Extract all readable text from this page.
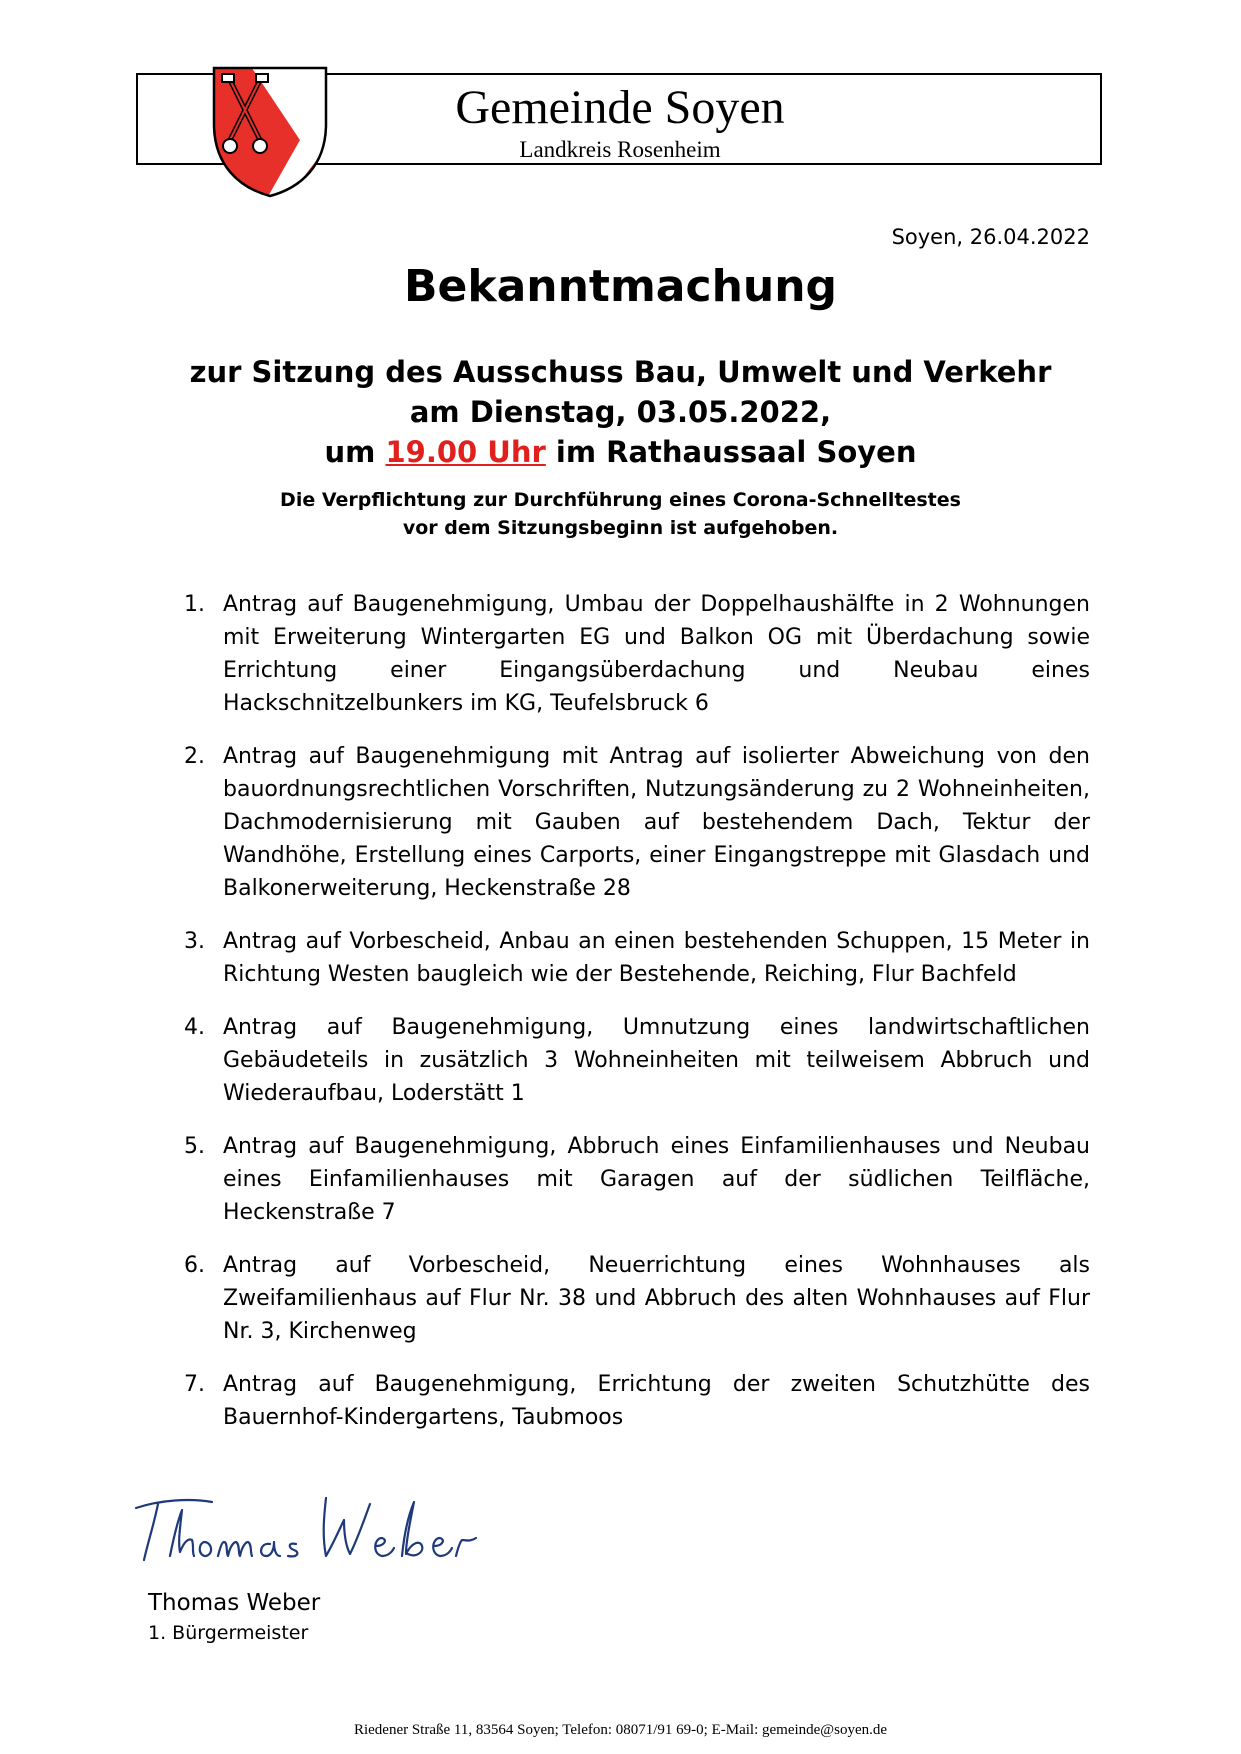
Gemeinde Soyen
Landkreis Rosenheim
Soyen, 26.04.2022
Bekanntmachung
zur Sitzung des Ausschuss Bau, Umwelt und Verkehr
am Dienstag, 03.05.2022,
um 19.00 Uhr im Rathaussaal Soyen
Die Verpflichtung zur Durchführung eines Corona-Schnelltestes
vor dem Sitzungsbeginn ist aufgehoben.
1. Antrag auf Baugenehmigung, Umbau der Doppelhaushälfte in 2 Wohnungen mit Erweiterung Wintergarten EG und Balkon OG mit Überdachung sowie Errichtung einer Eingangsüberdachung und Neubau eines Hackschnitzelbunkers im KG, Teufelsbruck 6
2. Antrag auf Baugenehmigung mit Antrag auf isolierter Abweichung von den bauordnungsrechtlichen Vorschriften, Nutzungsänderung zu 2 Wohneinheiten, Dachmodernisierung mit Gauben auf bestehendem Dach, Tektur der Wandhöhe, Erstellung eines Carports, einer Eingangstreppe mit Glasdach und Balkonerweiterung, Heckenstraße 28
3. Antrag auf Vorbescheid, Anbau an einen bestehenden Schuppen, 15 Meter in Richtung Westen baugleich wie der Bestehende, Reiching, Flur Bachfeld
4. Antrag auf Baugenehmigung, Umnutzung eines landwirtschaftlichen Gebäudeteils in zusätzlich 3 Wohneinheiten mit teilweisem Abbruch und Wiederaufbau, Loderstätt 1
5. Antrag auf Baugenehmigung, Abbruch eines Einfamilienhauses und Neubau eines Einfamilienhauses mit Garagen auf der südlichen Teilfläche, Heckenstraße 7
6. Antrag auf Vorbescheid, Neuerrichtung eines Wohnhauses als Zweifamilienhaus auf Flur Nr. 38 und Abbruch des alten Wohnhauses auf Flur Nr. 3, Kirchenweg
7. Antrag auf Baugenehmigung, Errichtung der zweiten Schutzhütte des Bauernhof-Kindergartens, Taubmoos
Thomas Weber
1. Bürgermeister
Riedener Straße 11, 83564 Soyen; Telefon: 08071/91 69-0; E-Mail: gemeinde@soyen.de
